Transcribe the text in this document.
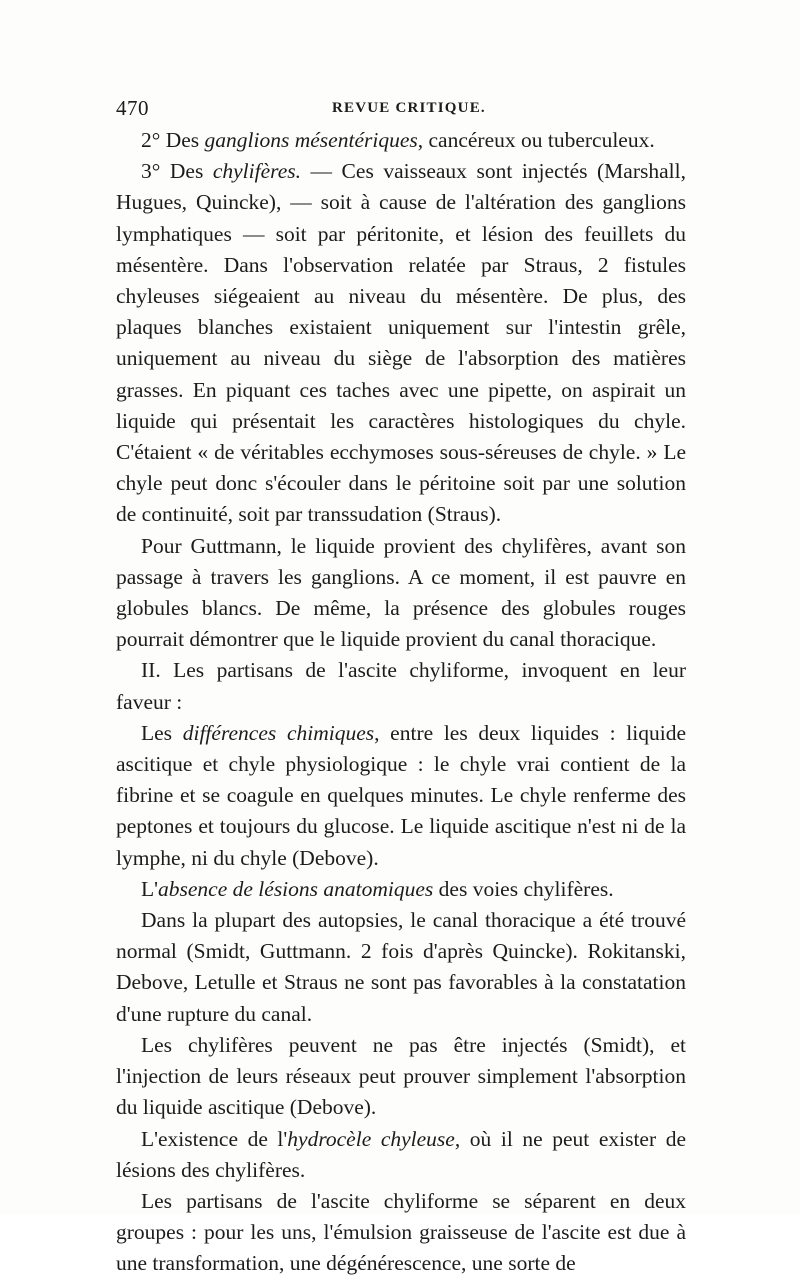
470	REVUE CRITIQUE.

2° Des ganglions mésentériques, cancéreux ou tuberculeux.

3° Des chylifères. — Ces vaisseaux sont injectés (Marshall, Hugues, Quincke), — soit à cause de l'altération des ganglions lymphatiques — soit par péritonite, et lésion des feuillets du mésentère. Dans l'observation relatée par Straus, 2 fistules chyleuses siégeaient au niveau du mésentère. De plus, des plaques blanches existaient uniquement sur l'intestin grêle, uniquement au niveau du siège de l'absorption des matières grasses. En piquant ces taches avec une pipette, on aspirait un liquide qui présentait les caractères histologiques du chyle. C'étaient « de véritables ecchymoses sous-séreuses de chyle. » Le chyle peut donc s'écouler dans le péritoine soit par une solution de continuité, soit par transsudation (Straus).

Pour Guttmann, le liquide provient des chylifères, avant son passage à travers les ganglions. A ce moment, il est pauvre en globules blancs. De même, la présence des globules rouges pourrait démontrer que le liquide provient du canal thoracique.

II. Les partisans de l'ascite chyliforme, invoquent en leur faveur :

Les différences chimiques, entre les deux liquides : liquide ascitique et chyle physiologique : le chyle vrai contient de la fibrine et se coagule en quelques minutes. Le chyle renferme des peptones et toujours du glucose. Le liquide ascitique n'est ni de la lymphe, ni du chyle (Debove).

L'absence de lésions anatomiques des voies chylifères.

Dans la plupart des autopsies, le canal thoracique a été trouvé normal (Smidt, Guttmann. 2 fois d'après Quincke). Rokitanski, Debove, Letulle et Straus ne sont pas favorables à la constatation d'une rupture du canal.

Les chylifères peuvent ne pas être injectés (Smidt), et l'injection de leurs réseaux peut prouver simplement l'absorption du liquide ascitique (Debove).

L'existence de l'hydrocèle chyleuse, où il ne peut exister de lésions des chylifères.

Les partisans de l'ascite chyliforme se séparent en deux groupes : pour les uns, l'émulsion graisseuse de l'ascite est due à une transformation, une dégénérescence, une sorte de
